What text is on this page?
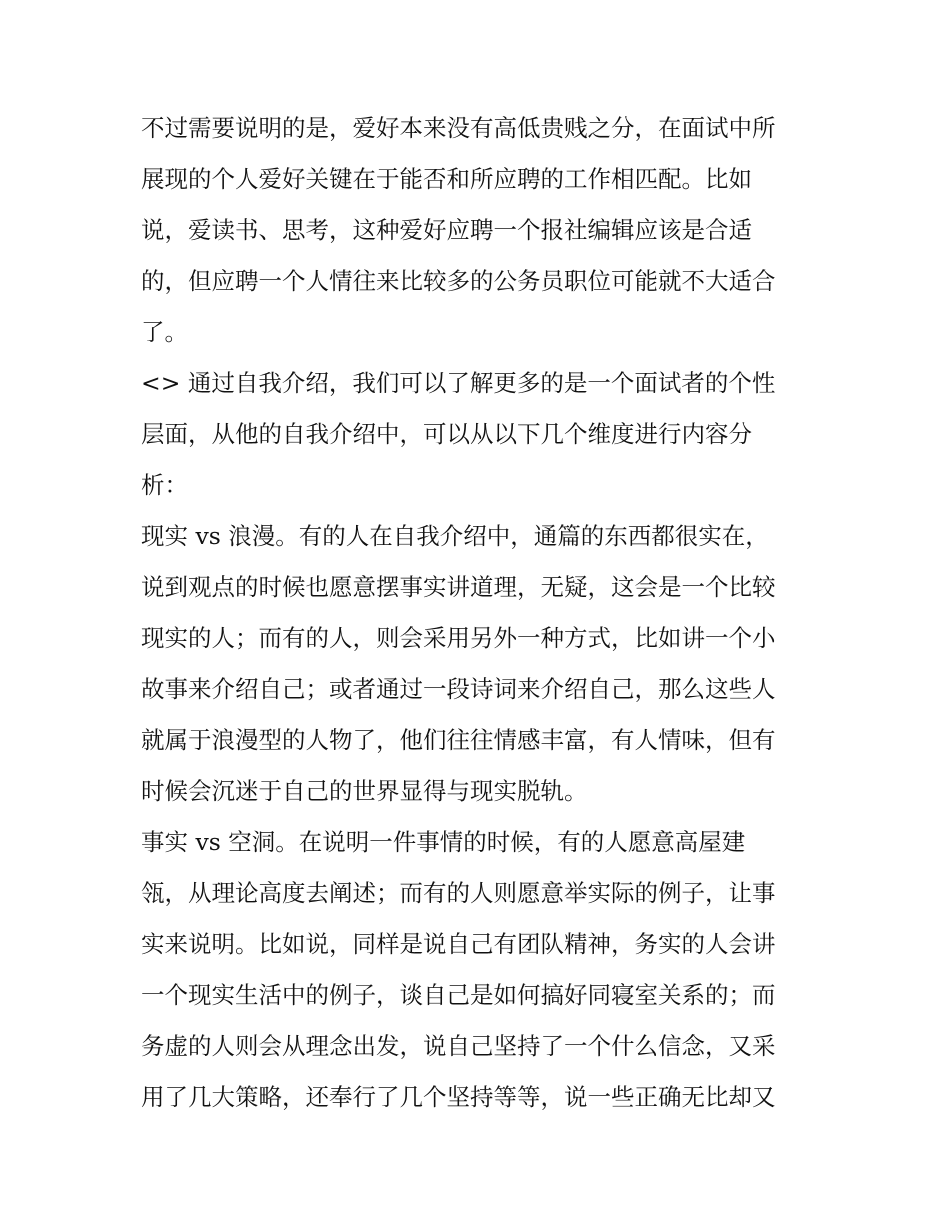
不过需要说明的是，爱好本来没有高低贵贱之分，在面试中所
展现的个人爱好关键在于能否和所应聘的工作相匹配。比如
说，爱读书、思考，这种爱好应聘一个报社编辑应该是合适
的，但应聘一个人情往来比较多的公务员职位可能就不大适合
了。
<> 通过自我介绍，我们可以了解更多的是一个面试者的个性
层面，从他的自我介绍中，可以从以下几个维度进行内容分
析：
现实 vs 浪漫。有的人在自我介绍中，通篇的东西都很实在，
说到观点的时候也愿意摆事实讲道理，无疑，这会是一个比较
现实的人；而有的人，则会采用另外一种方式，比如讲一个小
故事来介绍自己；或者通过一段诗词来介绍自己，那么这些人
就属于浪漫型的人物了，他们往往情感丰富，有人情味，但有
时候会沉迷于自己的世界显得与现实脱轨。
事实 vs 空洞。在说明一件事情的时候，有的人愿意高屋建
瓴，从理论高度去阐述；而有的人则愿意举实际的例子，让事
实来说明。比如说，同样是说自己有团队精神，务实的人会讲
一个现实生活中的例子，谈自己是如何搞好同寝室关系的；而
务虚的人则会从理念出发，说自己坚持了一个什么信念，又采
用了几大策略，还奉行了几个坚持等等，说一些正确无比却又
